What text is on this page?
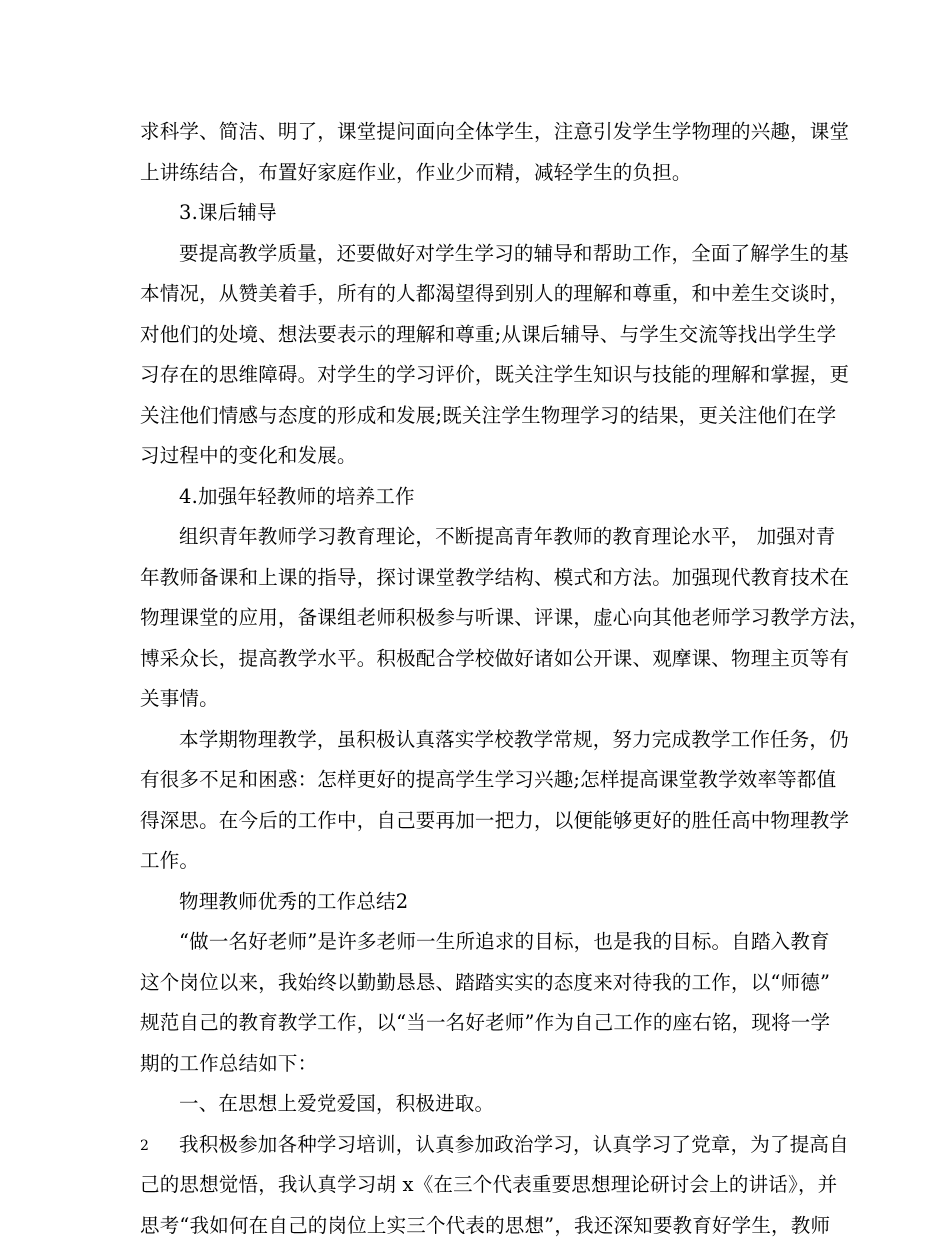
求科学、简洁、明了，课堂提问面向全体学生，注意引发学生学物理的兴趣，课堂
上讲练结合，布置好家庭作业，作业少而精，减轻学生的负担。
3.课后辅导
要提高教学质量，还要做好对学生学习的辅导和帮助工作，全面了解学生的基
本情况，从赞美着手，所有的人都渴望得到别人的理解和尊重，和中差生交谈时，
对他们的处境、想法要表示的理解和尊重;从课后辅导、与学生交流等找出学生学
习存在的思维障碍。对学生的学习评价，既关注学生知识与技能的理解和掌握，更
关注他们情感与态度的形成和发展;既关注学生物理学习的结果，更关注他们在学
习过程中的变化和发展。
4.加强年轻教师的培养工作
组织青年教师学习教育理论，不断提高青年教师的教育理论水平， 加强对青
年教师备课和上课的指导，探讨课堂教学结构、模式和方法。加强现代教育技术在
物理课堂的应用，备课组老师积极参与听课、评课，虚心向其他老师学习教学方法，
博采众长，提高教学水平。积极配合学校做好诸如公开课、观摩课、物理主页等有
关事情。
本学期物理教学，虽积极认真落实学校教学常规，努力完成教学工作任务，仍
有很多不足和困惑：怎样更好的提高学生学习兴趣;怎样提高课堂教学效率等都值
得深思。在今后的工作中，自己要再加一把力，以便能够更好的胜任高中物理教学
工作。
物理教师优秀的工作总结2
“做一名好老师”是许多老师一生所追求的目标，也是我的目标。自踏入教育
这个岗位以来，我始终以勤勤恳恳、踏踏实实的态度来对待我的工作，以“师德”
规范自己的教育教学工作，以“当一名好老师”作为自己工作的座右铭，现将一学
期的工作总结如下：
一、在思想上爱党爱国，积极进取。
我积极参加各种学习培训，认真参加政治学习，认真学习了党章，为了提高自
己的思想觉悟，我认真学习胡 x《在三个代表重要思想理论研讨会上的讲话》，并
思考“我如何在自己的岗位上实三个代表的思想”，我还深知要教育好学生，教师
2
